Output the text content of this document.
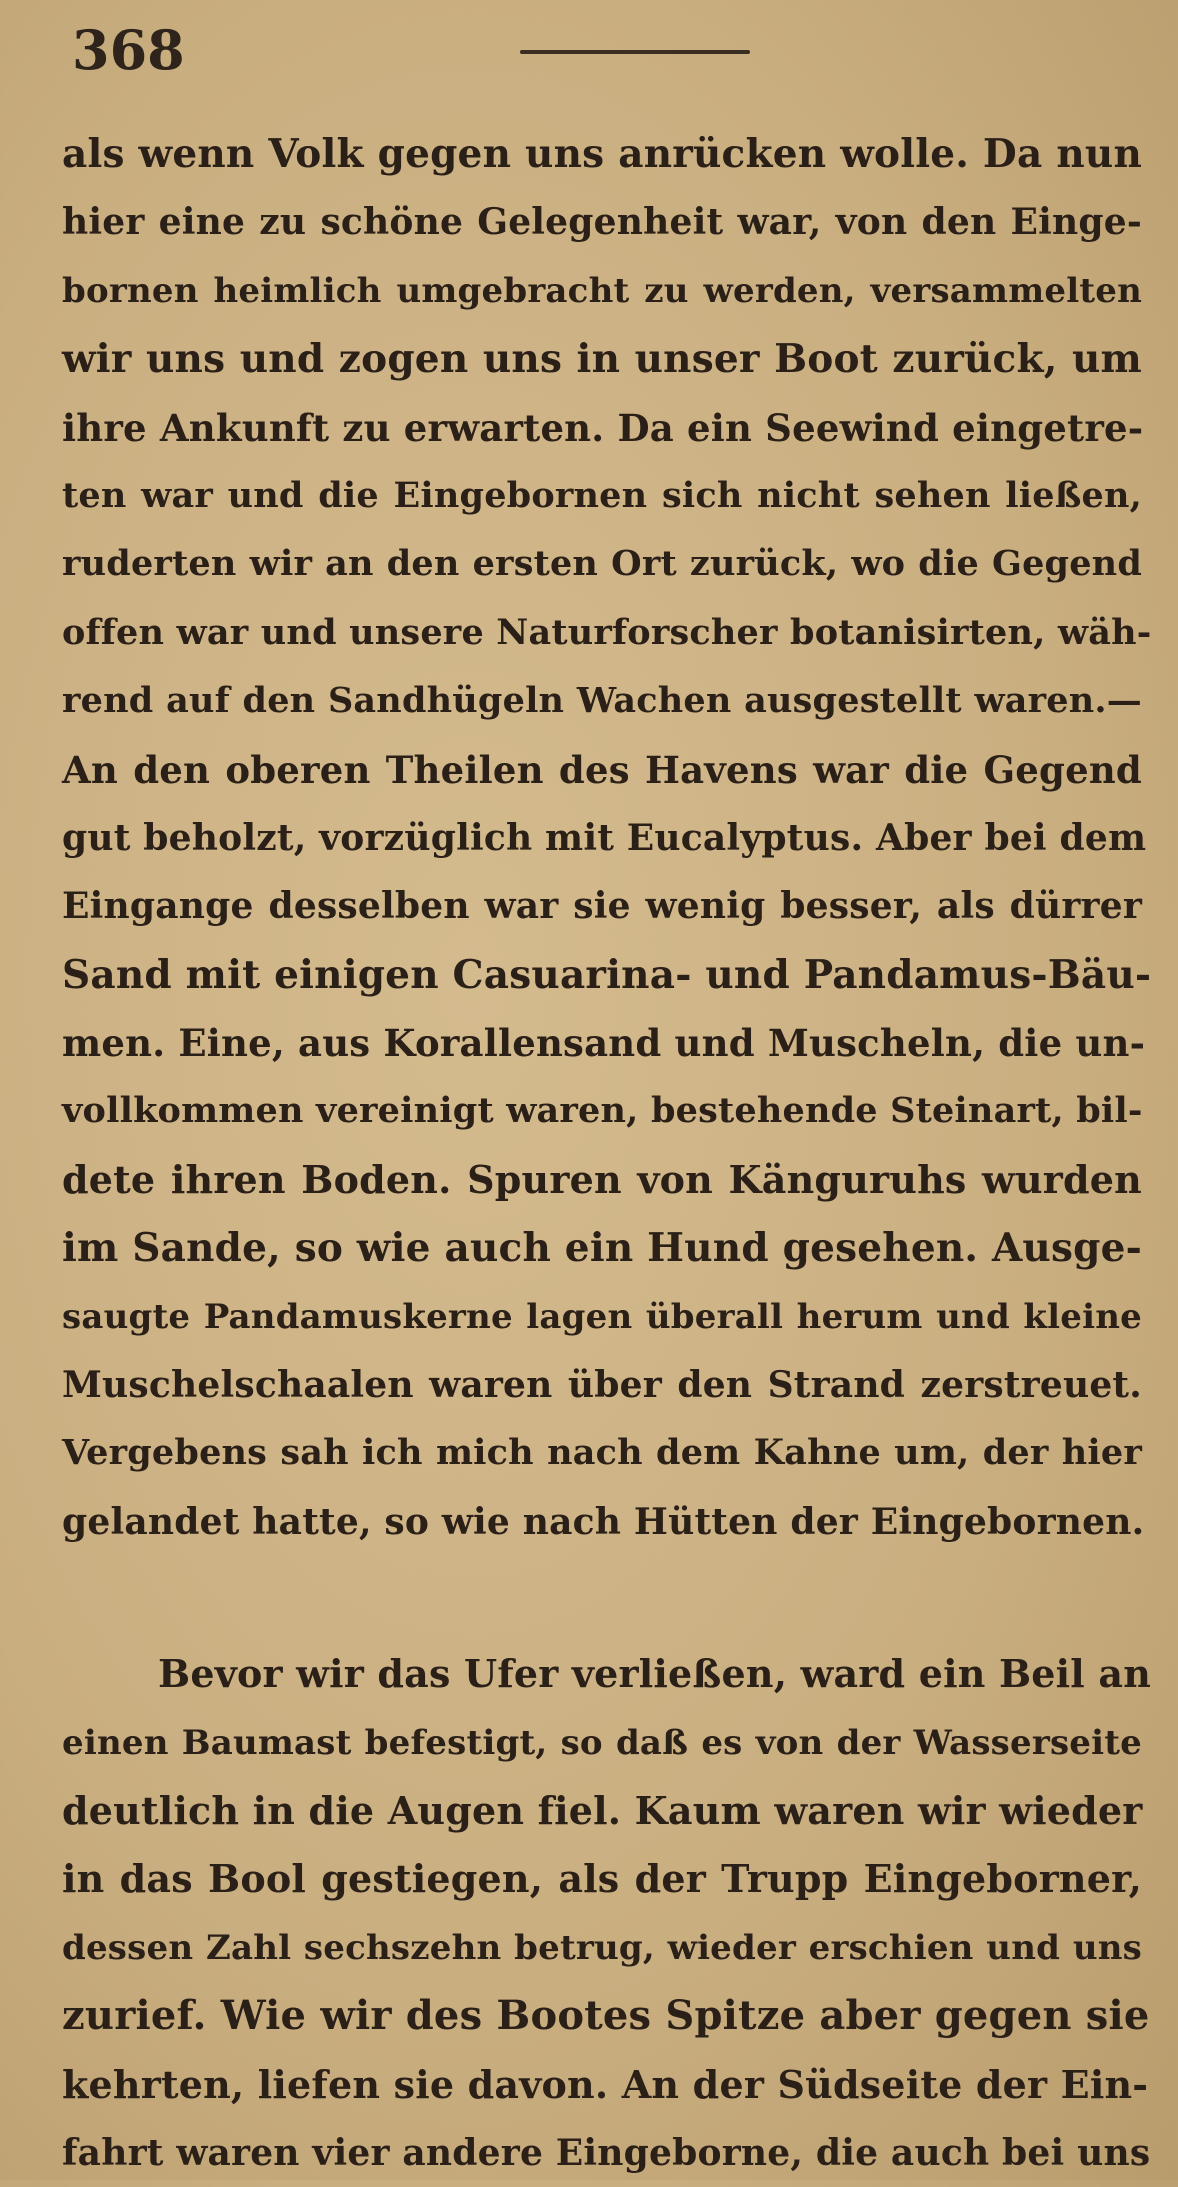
368
als wenn Volk gegen uns anrücken wolle. Da nun
hier eine zu schöne Gelegenheit war, von den Einge-
bornen heimlich umgebracht zu werden, versammelten
wir uns und zogen uns in unser Boot zurück, um
ihre Ankunft zu erwarten. Da ein Seewind eingetre-
ten war und die Eingebornen sich nicht sehen ließen,
ruderten wir an den ersten Ort zurück, wo die Gegend
offen war und unsere Naturforscher botanisirten, wäh-
rend auf den Sandhügeln Wachen ausgestellt waren.—
An den oberen Theilen des Havens war die Gegend
gut beholzt, vorzüglich mit Eucalyptus. Aber bei dem
Eingange desselben war sie wenig besser, als dürrer
Sand mit einigen Casuarina- und Pandamus-Bäu-
men. Eine, aus Korallensand und Muscheln, die un-
vollkommen vereinigt waren, bestehende Steinart, bil-
dete ihren Boden. Spuren von Känguruhs wurden
im Sande, so wie auch ein Hund gesehen. Ausge-
saugte Pandamuskerne lagen überall herum und kleine
Muschelschaalen waren über den Strand zerstreuet.
Vergebens sah ich mich nach dem Kahne um, der hier
gelandet hatte, so wie nach Hütten der Eingebornen.
Bevor wir das Ufer verließen, ward ein Beil an
einen Baumast befestigt, so daß es von der Wasserseite
deutlich in die Augen fiel. Kaum waren wir wieder
in das Bool gestiegen, als der Trupp Eingeborner,
dessen Zahl sechszehn betrug, wieder erschien und uns
zurief. Wie wir des Bootes Spitze aber gegen sie
kehrten, liefen sie davon. An der Südseite der Ein-
fahrt waren vier andere Eingeborne, die auch bei uns
